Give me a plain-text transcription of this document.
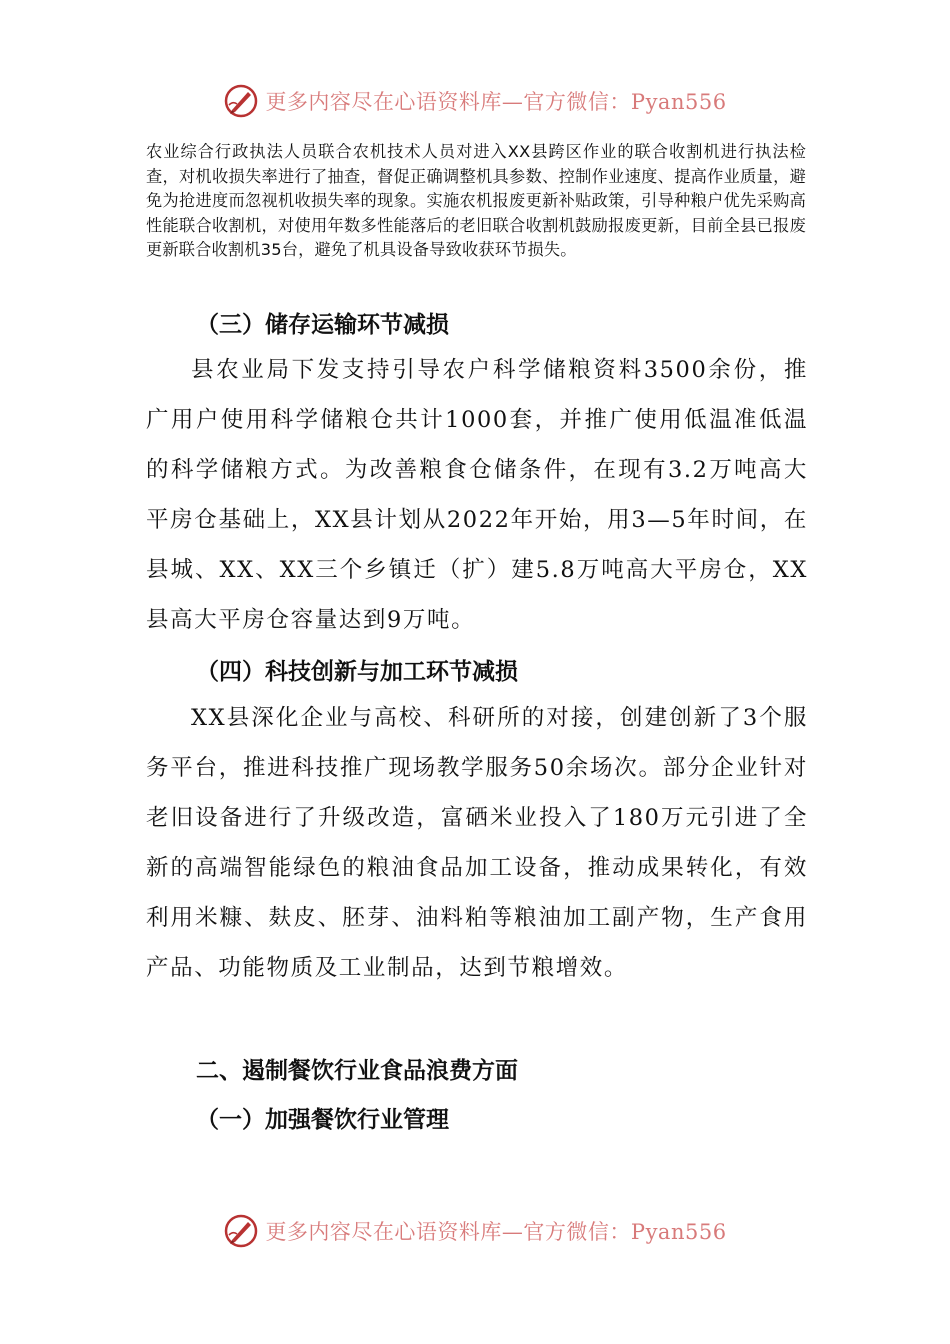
更多内容尽在心语资料库—官方微信：Pyan556
农业综合行政执法人员联合农机技术人员对进入XX县跨区作业的联合收割机进行执法检查，对机收损失率进行了抽查，督促正确调整机具参数、控制作业速度、提高作业质量，避免为抢进度而忽视机收损失率的现象。实施农机报废更新补贴政策，引导种粮户优先采购高性能联合收割机，对使用年数多性能落后的老旧联合收割机鼓励报废更新，目前全县已报废更新联合收割机35台，避免了机具设备导致收获环节损失。
（三）储存运输环节减损
县农业局下发支持引导农户科学储粮资料3500余份，推广用户使用科学储粮仓共计1000套，并推广使用低温准低温的科学储粮方式。为改善粮食仓储条件，在现有3.2万吨高大平房仓基础上，XX县计划从2022年开始，用3—5年时间，在县城、XX、XX三个乡镇迁（扩）建5.8万吨高大平房仓，XX县高大平房仓容量达到9万吨。
（四）科技创新与加工环节减损
XX县深化企业与高校、科研所的对接，创建创新了3个服务平台，推进科技推广现场教学服务50余场次。部分企业针对老旧设备进行了升级改造，富硒米业投入了180万元引进了全新的高端智能绿色的粮油食品加工设备，推动成果转化，有效利用米糠、麸皮、胚芽、油料粕等粮油加工副产物，生产食用产品、功能物质及工业制品，达到节粮增效。
二、遏制餐饮行业食品浪费方面
（一）加强餐饮行业管理
更多内容尽在心语资料库—官方微信：Pyan556
